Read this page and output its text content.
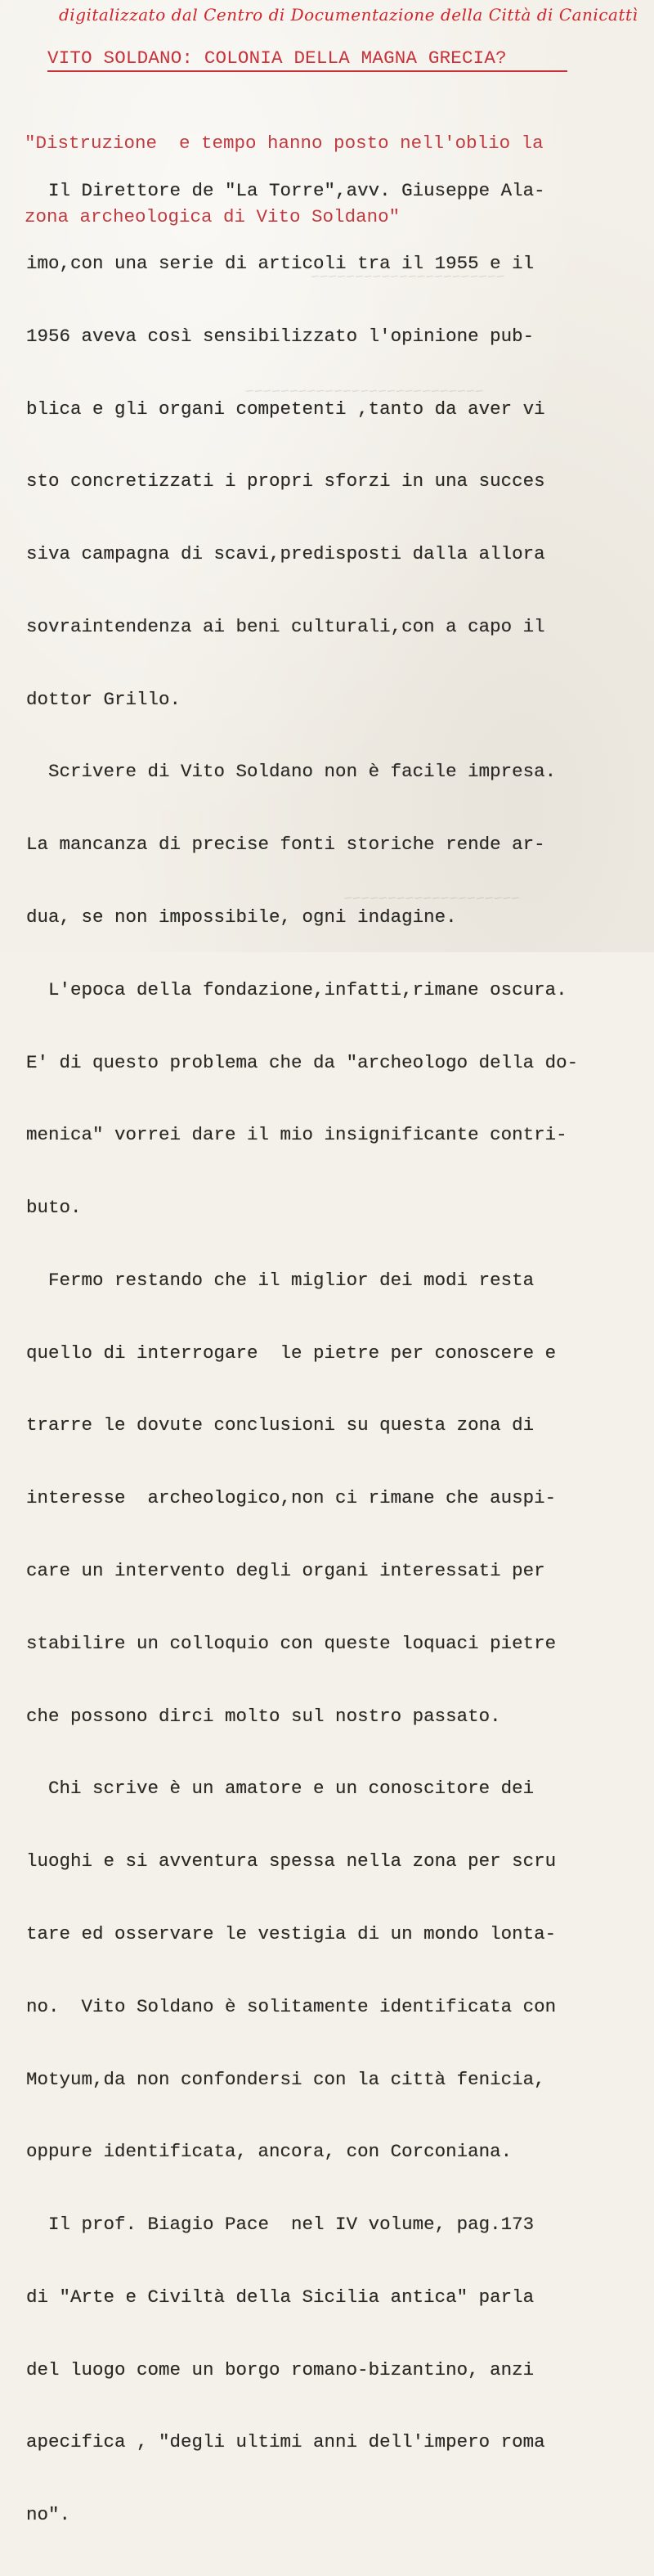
~~~~~~~~~~~~~~~~~~~~~~
~~~~~~~~~~~~~~~~~~~~~~~~~~~
~~~~~~~~~~~~~~~~~~~~
digitalizzato dal Centro di Documentazione della Città di Canicattì
VITO SOLDANO: COLONIA DELLA MAGNA GRECIA?

"Distruzione  e tempo hanno posto nell'oblio la

zona archeologica di Vito Soldano"

Il Direttore de "La Torre",avv. Giuseppe Ala-

imo,con una serie di articoli tra il 1955 e il

1956 aveva così sensibilizzato l'opinione pub-

blica e gli organi competenti ,tanto da aver vi

sto concretizzati i propri sforzi in una succes

siva campagna di scavi,predisposti dalla allora

sovraintendenza ai beni culturali,con a capo il

dottor Grillo.

Scrivere di Vito Soldano non è facile impresa.

La mancanza di precise fonti storiche rende ar-

dua, se non impossibile, ogni indagine.

L'epoca della fondazione,infatti,rimane oscura.

E' di questo problema che da "archeologo della do-

menica" vorrei dare il mio insignificante contri-

buto.

Fermo restando che il miglior dei modi resta

quello di interrogare  le pietre per conoscere e

trarre le dovute conclusioni su questa zona di

interesse  archeologico,non ci rimane che auspi-

care un intervento degli organi interessati per

stabilire un colloquio con queste loquaci pietre

che possono dirci molto sul nostro passato.

Chi scrive è un amatore e un conoscitore dei

luoghi e si avventura spessa nella zona per scru

tare ed osservare le vestigia di un mondo lonta-

no.  Vito Soldano è solitamente identificata con

Motyum,da non confondersi con la città fenicia,

oppure identificata, ancora, con Corconiana.

Il prof. Biagio Pace  nel IV volume, pag.173

di "Arte e Civiltà della Sicilia antica" parla

del luogo come un borgo romano-bizantino, anzi

apecifica , "degli ultimi anni dell'impero roma

no".
